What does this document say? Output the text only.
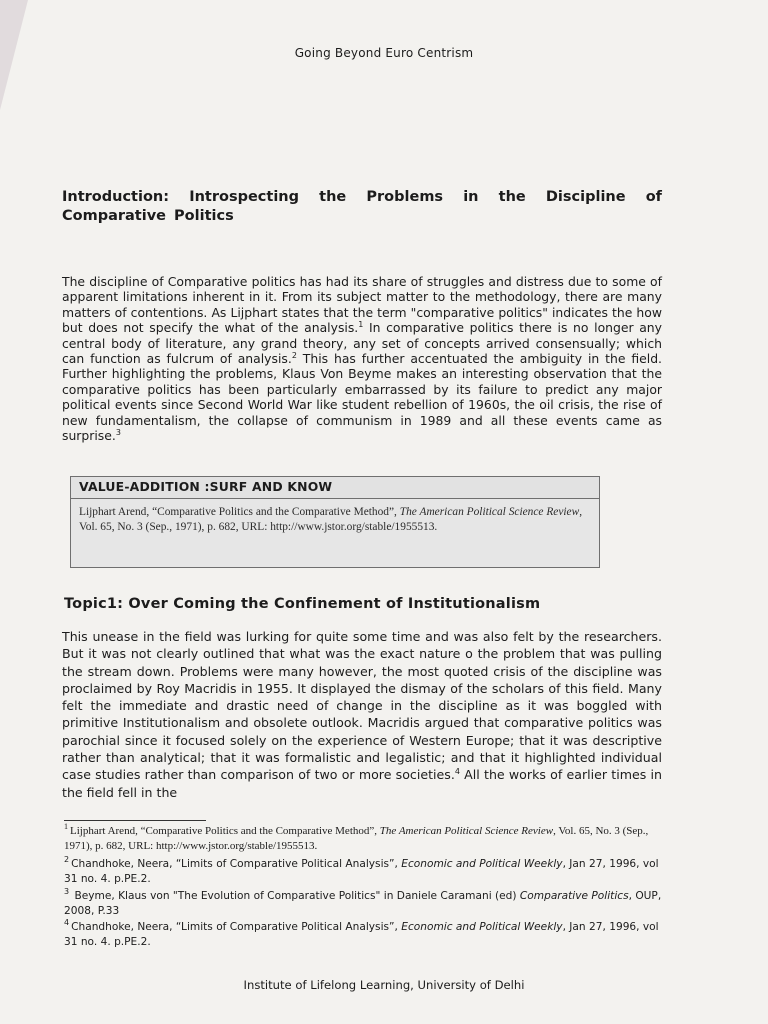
Going Beyond Euro Centrism
Introduction: Introspecting the Problems in the Discipline of Comparative Politics

The discipline of Comparative politics has had its share of struggles and distress due to some of apparent limitations inherent in it. From its subject matter to the methodology, there are many matters of contentions. As Lijphart states that the term "comparative politics" indicates the how but does not specify the what of the analysis.$^1$ In comparative politics there is no longer any central body of literature, any grand theory, any set of concepts arrived consensually; which can function as fulcrum of analysis.$^2$ This has further accentuated the ambiguity in the field. Further highlighting the problems, Klaus Von Beyme makes an interesting observation that the comparative politics has been particularly embarrassed by its failure to predict any major political events since Second World War like student rebellion of 1960s, the oil crisis, the rise of new fundamentalism, the collapse of communism in 1989 and all these events came as surprise.$^3$

VALUE-ADDITION :SURF AND KNOW
Lijphart Arend, “Comparative Politics and the Comparative Method”, The American Political Science Review, Vol. 65, No. 3 (Sep., 1971), p. 682, URL: http://www.jstor.org/stable/1955513.
Topic1: Over Coming the Confinement of Institutionalism

This unease in the field was lurking for quite some time and was also felt by the researchers. But it was not clearly outlined that what was the exact nature o the problem that was pulling the stream down. Problems were many however, the most quoted crisis of the discipline was proclaimed by Roy Macridis in 1955. It displayed the dismay of the scholars of this field. Many felt the immediate and drastic need of change in the discipline as it was boggled with primitive Institutionalism and obsolete outlook. Macridis argued that comparative politics was parochial since it focused solely on the experience of Western Europe; that it was descriptive rather than analytical; that it was formalistic and legalistic; and that it highlighted individual case studies rather than comparison of two or more societies.$^4$ All the works of earlier times in the field fell in the

$^1$ Lijphart Arend, “Comparative Politics and the Comparative Method”, The American Political Science Review, Vol. 65, No. 3 (Sep., 1971), p. 682, URL: http://www.jstor.org/stable/1955513.
$^2$ Chandhoke, Neera, “Limits of Comparative Political Analysis”, Economic and Political Weekly, Jan 27, 1996, vol 31 no. 4. p.PE.2.
$^3$ Beyme, Klaus von "The Evolution of Comparative Politics" in Daniele Caramani (ed) Comparative Politics, OUP, 2008, P.33
$^4$ Chandhoke, Neera, “Limits of Comparative Political Analysis”, Economic and Political Weekly, Jan 27, 1996, vol 31 no. 4. p.PE.2.
Institute of Lifelong Learning, University of Delhi
